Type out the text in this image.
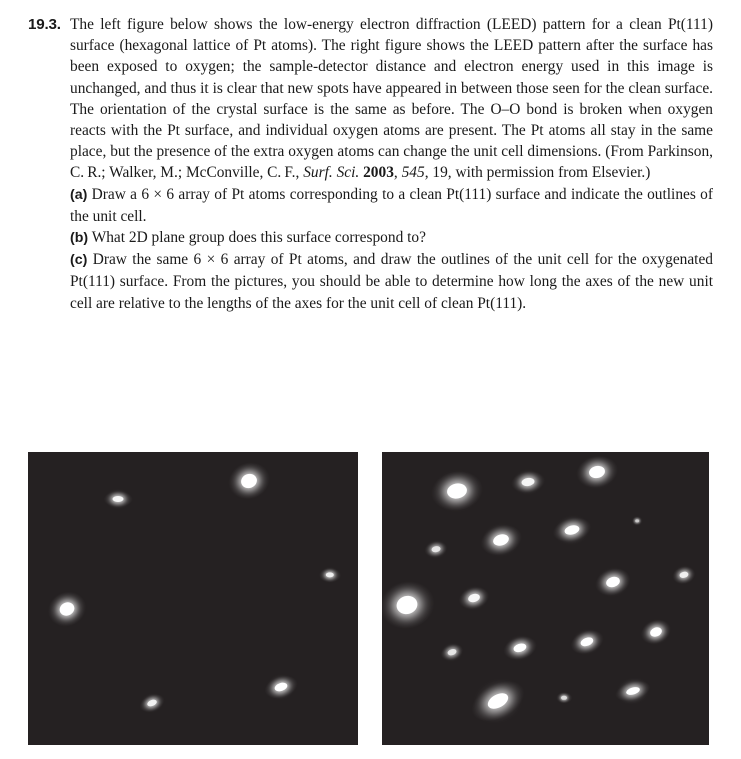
19.3. The left figure below shows the low-energy electron diffraction (LEED) pattern for a clean Pt(111) surface (hexagonal lattice of Pt atoms). The right figure shows the LEED pattern after the surface has been exposed to oxygen; the sample-detector distance and electron energy used in this image is unchanged, and thus it is clear that new spots have appeared in between those seen for the clean surface. The orientation of the crystal surface is the same as before. The O–O bond is broken when oxygen reacts with the Pt surface, and individual oxygen atoms are present. The Pt atoms all stay in the same place, but the presence of the extra oxygen atoms can change the unit cell dimensions. (From Parkinson, C. R.; Walker, M.; McConville, C. F., Surf. Sci. 2003, 545, 19, with permission from Elsevier.)

(a) Draw a 6 × 6 array of Pt atoms corresponding to a clean Pt(111) surface and indicate the outlines of the unit cell.

(b) What 2D plane group does this surface correspond to?

(c) Draw the same 6 × 6 array of Pt atoms, and draw the outlines of the unit cell for the oxygenated Pt(111) surface. From the pictures, you should be able to determine how long the axes of the new unit cell are relative to the lengths of the axes for the unit cell of clean Pt(111).
